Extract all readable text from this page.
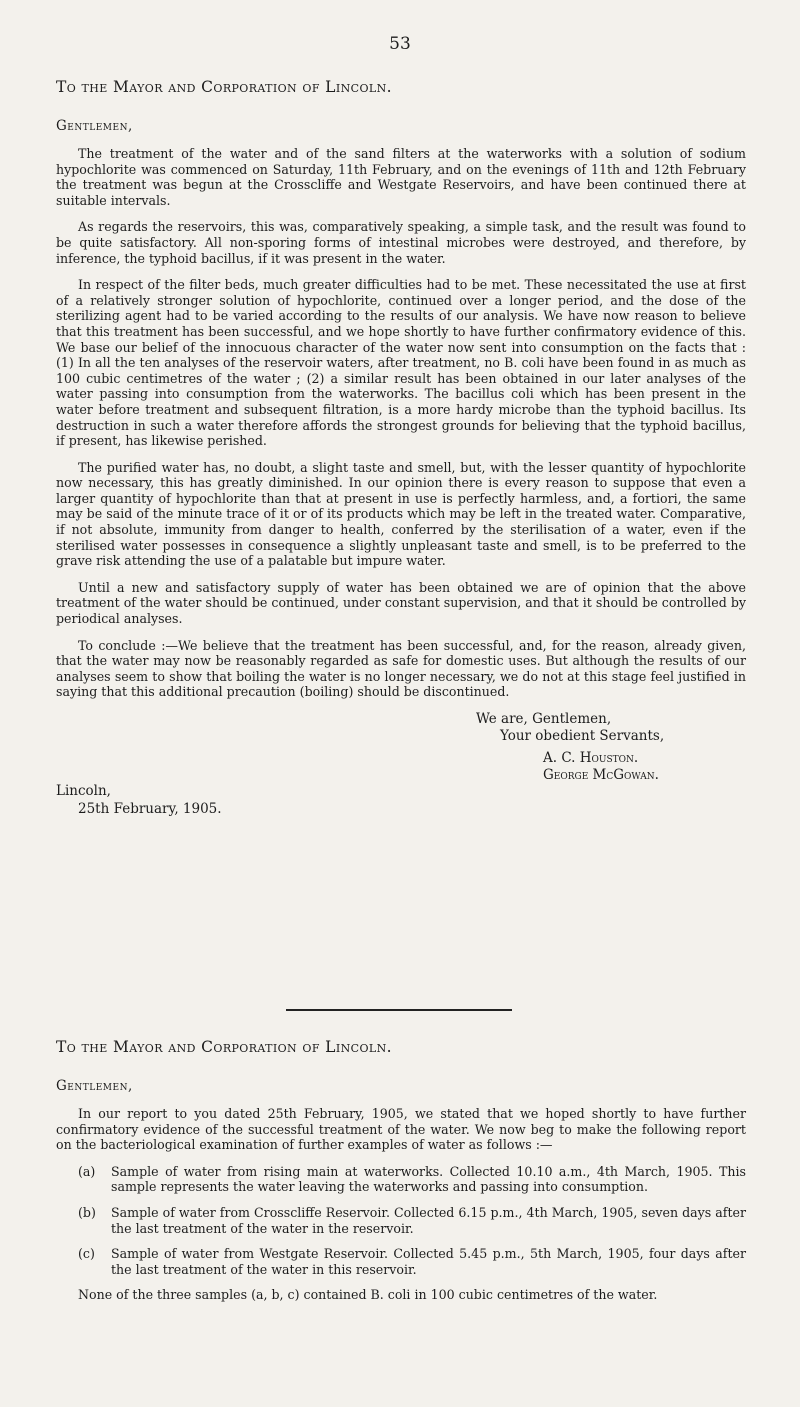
53
To the Mayor and Corporation of Lincoln.
Gentlemen,

The treatment of the water and of the sand filters at the waterworks with a solution of sodium hypochlorite was commenced on Saturday, 11th February, and on the evenings of 11th and 12th February the treatment was begun at the Crosscliffe and Westgate Reservoirs, and have been continued there at suitable intervals.

As regards the reservoirs, this was, comparatively speaking, a simple task, and the result was found to be quite satisfactory. All non-sporing forms of intestinal microbes were destroyed, and therefore, by inference, the typhoid bacillus, if it was present in the water.

In respect of the filter beds, much greater difficulties had to be met. These necessitated the use at first of a relatively stronger solution of hypochlorite, continued over a longer period, and the dose of the sterilizing agent had to be varied according to the results of our analysis. We have now reason to believe that this treatment has been successful, and we hope shortly to have further confirmatory evidence of this. We base our belief of the innocuous character of the water now sent into consumption on the facts that : (1) In all the ten analyses of the reservoir waters, after treatment, no B. coli have been found in as much as 100 cubic centimetres of the water ; (2) a similar result has been obtained in our later analyses of the water passing into consumption from the waterworks. The bacillus coli which has been present in the water before treatment and subsequent filtration, is a more hardy microbe than the typhoid bacillus. Its destruction in such a water therefore affords the strongest grounds for believing that the typhoid bacillus, if present, has likewise perished.

The purified water has, no doubt, a slight taste and smell, but, with the lesser quantity of hypochlorite now necessary, this has greatly diminished. In our opinion there is every reason to suppose that even a larger quantity of hypochlorite than that at present in use is perfectly harmless, and, a fortiori, the same may be said of the minute trace of it or of its products which may be left in the treated water. Comparative, if not absolute, immunity from danger to health, conferred by the sterilisation of a water, even if the sterilised water possesses in consequence a slightly unpleasant taste and smell, is to be preferred to the grave risk attending the use of a palatable but impure water.

Until a new and satisfactory supply of water has been obtained we are of opinion that the above treatment of the water should be continued, under constant supervision, and that it should be controlled by periodical analyses.

To conclude :—We believe that the treatment has been successful, and, for the reason, already given, that the water may now be reasonably regarded as safe for domestic uses. But although the results of our analyses seem to show that boiling the water is no longer necessary, we do not at this stage feel justified in saying that this additional precaution (boiling) should be discontinued.

We are, Gentlemen,
Your obedient Servants,
A. C. Houston.
George McGowan.
Lincoln,
25th February, 1905.
To the Mayor and Corporation of Lincoln.
Gentlemen,

In our report to you dated 25th February, 1905, we stated that we hoped shortly to have further confirmatory evidence of the successful treatment of the water. We now beg to make the following report on the bacteriological examination of further examples of water as follows :—

(a) Sample of water from rising main at waterworks. Collected 10.10 a.m., 4th March, 1905. This sample represents the water leaving the waterworks and passing into consumption.
(b) Sample of water from Crosscliffe Reservoir. Collected 6.15 p.m., 4th March, 1905, seven days after the last treatment of the water in the reservoir.
(c) Sample of water from Westgate Reservoir. Collected 5.45 p.m., 5th March, 1905, four days after the last treatment of the water in this reservoir.

None of the three samples (a, b, c) contained B. coli in 100 cubic centimetres of the water.
